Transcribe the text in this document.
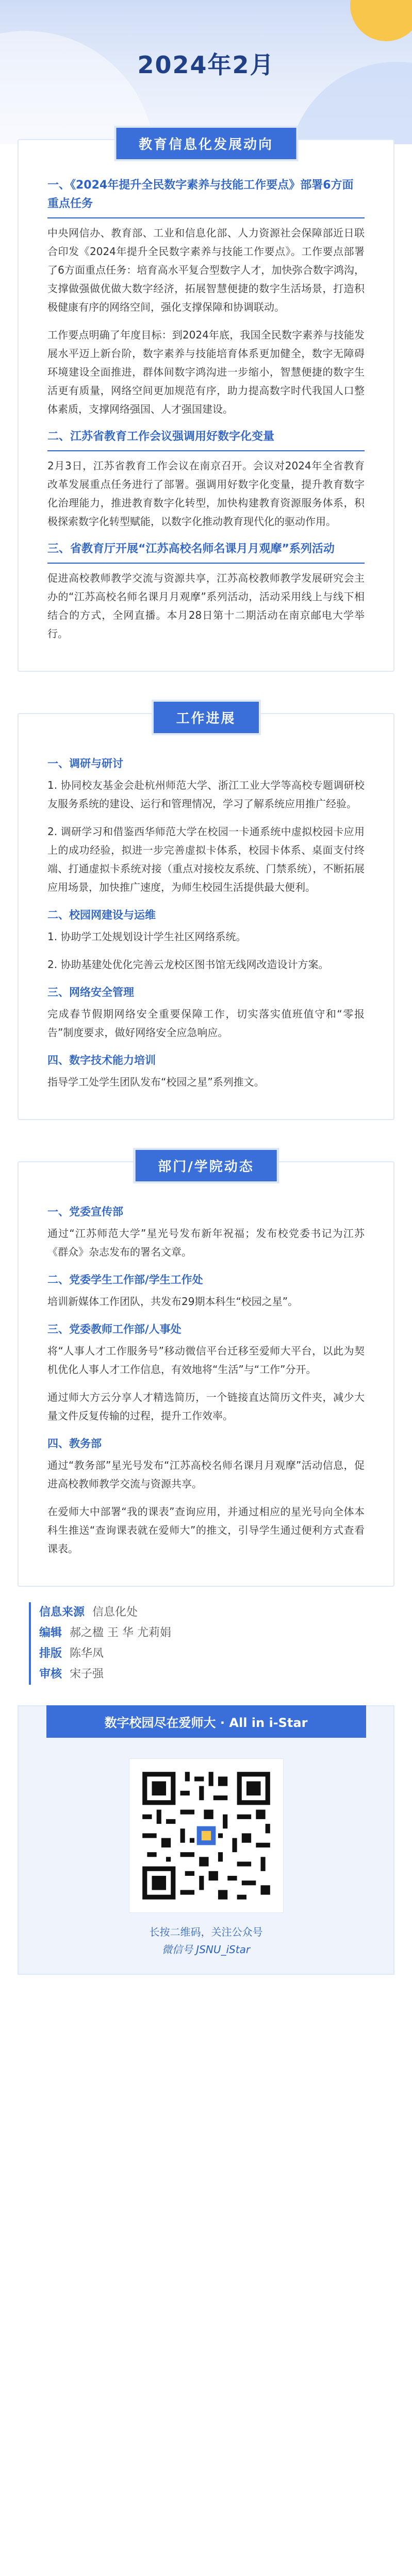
2024年2月
教育信息化发展动向
一、《2024年提升全民数字素养与技能工作要点》部署6方面重点任务
中央网信办、教育部、工业和信息化部、人力资源社会保障部近日联合印发《2024年提升全民数字素养与技能工作要点》。工作要点部署了6方面重点任务：培育高水平复合型数字人才，加快弥合数字鸿沟，支撑做强做优做大数字经济，拓展智慧便捷的数字生活场景，打造积极健康有序的网络空间，强化支撑保障和协调联动。
工作要点明确了年度目标：到2024年底，我国全民数字素养与技能发展水平迈上新台阶，数字素养与技能培育体系更加健全，数字无障碍环境建设全面推进，群体间数字鸿沟进一步缩小，智慧便捷的数字生活更有质量，网络空间更加规范有序，助力提高数字时代我国人口整体素质，支撑网络强国、人才强国建设。
二、江苏省教育工作会议强调用好数字化变量
2月3日，江苏省教育工作会议在南京召开。会议对2024年全省教育改革发展重点任务进行了部署。强调用好数字化变量，提升教育数字化治理能力，推进教育数字化转型，加快构建教育资源服务体系，积极探索数字化转型赋能，以数字化推动教育现代化的驱动作用。
三、省教育厅开展“江苏高校名师名课月月观摩”系列活动
促进高校教师教学交流与资源共享，江苏高校教师教学发展研究会主办的“江苏高校名师名课月月观摩”系列活动，活动采用线上与线下相结合的方式，全网直播。本月28日第十二期活动在南京邮电大学举行。
工作进展
一、调研与研讨
1. 协同校友基金会赴杭州师范大学、浙江工业大学等高校专题调研校友服务系统的建设、运行和管理情况，学习了解系统应用推广经验。
2. 调研学习和借鉴西华师范大学在校园一卡通系统中虚拟校园卡应用上的成功经验，拟进一步完善虚拟卡体系，校园卡体系、桌面支付终端、打通虚拟卡系统对接（重点对接校友系统、门禁系统），不断拓展应用场景，加快推广速度，为师生校园生活提供最大便利。
二、校园网建设与运维
1. 协助学工处规划设计学生社区网络系统。
2. 协助基建处优化完善云龙校区图书馆无线网改造设计方案。
三、网络安全管理
完成春节假期网络安全重要保障工作，切实落实值班值守和“零报告”制度要求，做好网络安全应急响应。
四、数字技术能力培训
指导学工处学生团队发布“校园之星”系列推文。
部门/学院动态
一、党委宣传部
通过“江苏师范大学”星光号发布新年祝福；发布校党委书记为江苏《群众》杂志发布的署名文章。
二、党委学生工作部/学生工作处
培训新媒体工作团队，共发布29期本科生“校园之星”。
三、党委教师工作部/人事处
将“人事人才工作服务号”移动微信平台迁移至爱师大平台，以此为契机优化人事人才工作信息，有效地将“生活”与“工作”分开。
通过师大方云分享人才精选简历，一个链接直达简历文件夹，减少大量文件反复传输的过程，提升工作效率。
四、教务部
通过“教务部”星光号发布“江苏高校名师名课月月观摩”活动信息，促进高校教师教学交流与资源共享。
在爱师大中部署“我的课表”查询应用，并通过相应的星光号向全体本科生推送“查询课表就在爱师大”的推文，引导学生通过便利方式查看课表。
信息来源 信息化处
编辑 郝之楹 王 华 尤莉娟
排版 陈华凤
审核 宋子强
数字校园尽在爱师大 · All in i-Star
长按二维码，关注公众号
微信号 JSNU_iStar
